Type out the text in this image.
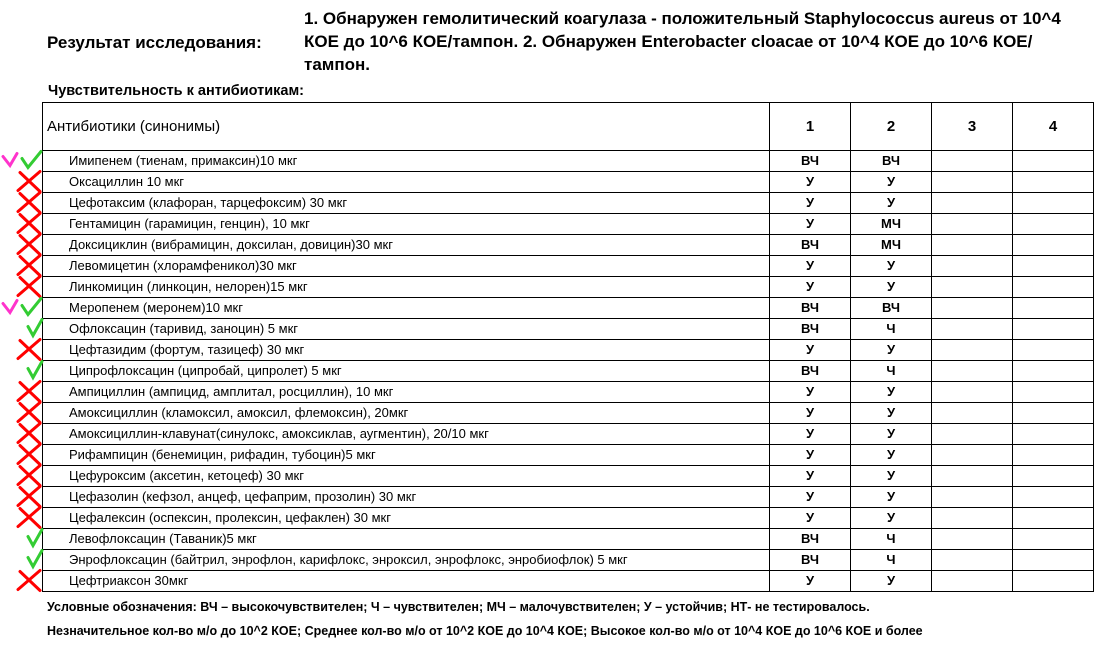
Результат исследования:
1. Обнаружен гемолитический коагулаза - положительный Staphylococcus aureus от 10^4 КОЕ до 10^6 КОЕ/тампон. 2. Обнаружен Enterobacter cloacae от 10^4 КОЕ до 10^6 КОЕ/тампон.
Чувствительность к антибиотикам:
Антибиотики (синонимы)	1	2	3	4
Имипенем (тиенам, примаксин)10 мкг	ВЧ	ВЧ		
Оксациллин 10 мкг	У	У		
Цефотаксим (клафоран, тарцефоксим) 30 мкг	У	У		
Гентамицин (гарамицин, генцин), 10 мкг	У	МЧ		
Доксициклин (вибрамицин, доксилан, довицин)30 мкг	ВЧ	МЧ		
Левомицетин (хлорамфеникол)30 мкг	У	У		
Линкомицин (линкоцин, нелорен)15 мкг	У	У		
Меропенем (меронем)10 мкг	ВЧ	ВЧ		
Офлоксацин (таривид, заноцин) 5 мкг	ВЧ	Ч		
Цефтазидим (фортум, тазицеф) 30 мкг	У	У		
Ципрофлоксацин (ципробай, ципролет) 5 мкг	ВЧ	Ч		
Ампициллин (ампицид, амплитал, росциллин), 10 мкг	У	У		
Амоксициллин (кламоксил, амоксил, флемоксин), 20мкг	У	У		
Амоксициллин-клавунат(синулокс, амоксиклав, аугментин), 20/10 мкг	У	У		
Рифампицин (бенемицин, рифадин, тубоцин)5 мкг	У	У		
Цефуроксим (аксетин, кетоцеф) 30 мкг	У	У		
Цефазолин (кефзол, анцеф, цефаприм, прозолин) 30 мкг	У	У		
Цефалексин (оспексин, пролексин, цефаклен) 30 мкг	У	У		
Левофлоксацин (Таваник)5 мкг	ВЧ	Ч		
Энрофлоксацин (байтрил, энрофлон, карифлокс, энроксил, энрофлокс, энробиофлок) 5 мкг	ВЧ	Ч		
Цефтриаксон 30мкг	У	У		
Условные обозначения: ВЧ – высокочувствителен; Ч – чувствителен; МЧ – малочувствителен; У – устойчив; НТ- не тестировалось.
Незначительное кол-во м/о до 10^2 КОЕ; Среднее кол-во м/о от 10^2 КОЕ до 10^4 КОЕ; Высокое кол-во м/о от 10^4 КОЕ до 10^6 КОЕ и более
